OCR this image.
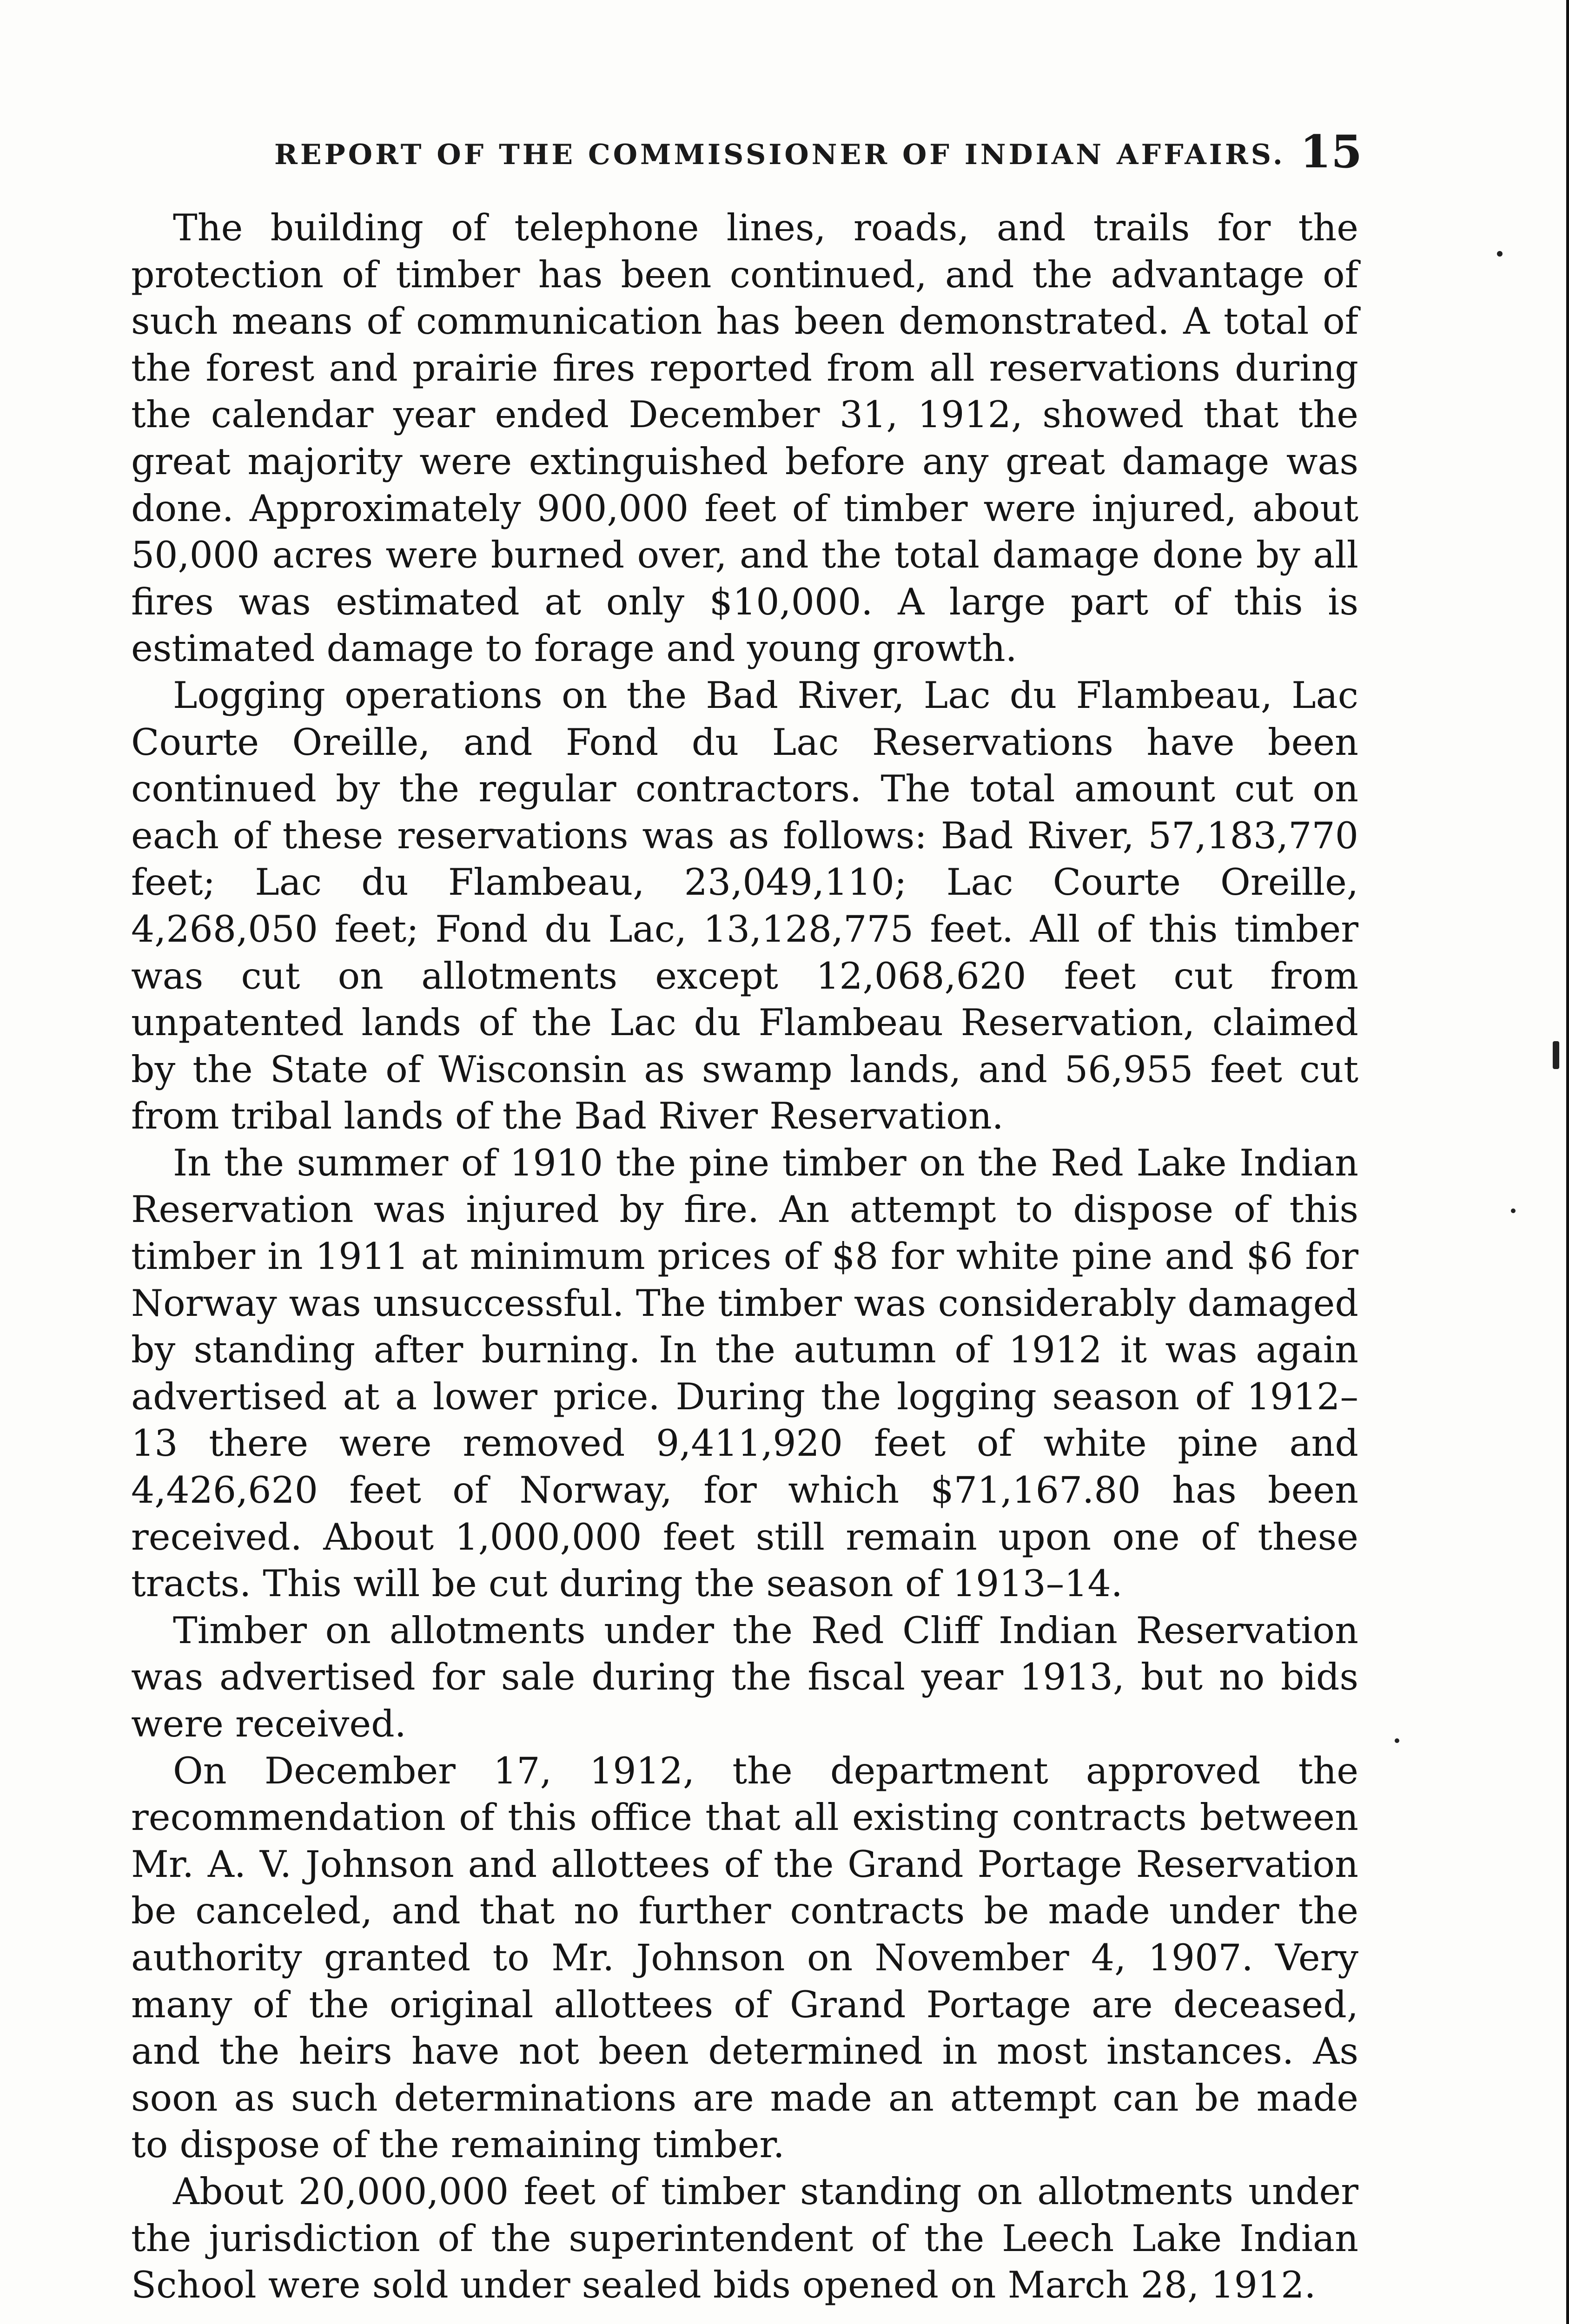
REPORT OF THE COMMISSIONER OF INDIAN AFFAIRS. 15

The building of telephone lines, roads, and trails for the protection of timber has been continued, and the advantage of such means of communication has been demonstrated. A total of the forest and prairie fires reported from all reservations during the calendar year ended December 31, 1912, showed that the great majority were extinguished before any great damage was done. Approximately 900,000 feet of timber were injured, about 50,000 acres were burned over, and the total damage done by all fires was estimated at only $10,000. A large part of this is estimated damage to forage and young growth.

Logging operations on the Bad River, Lac du Flambeau, Lac Courte Oreille, and Fond du Lac Reservations have been continued by the regular contractors. The total amount cut on each of these reservations was as follows: Bad River, 57,183,770 feet; Lac du Flambeau, 23,049,110; Lac Courte Oreille, 4,268,050 feet; Fond du Lac, 13,128,775 feet. All of this timber was cut on allotments except 12,068,620 feet cut from unpatented lands of the Lac du Flambeau Reservation, claimed by the State of Wisconsin as swamp lands, and 56,955 feet cut from tribal lands of the Bad River Reservation.

In the summer of 1910 the pine timber on the Red Lake Indian Reservation was injured by fire. An attempt to dispose of this timber in 1911 at minimum prices of $8 for white pine and $6 for Norway was unsuccessful. The timber was considerably damaged by standing after burning. In the autumn of 1912 it was again advertised at a lower price. During the logging season of 1912–13 there were removed 9,411,920 feet of white pine and 4,426,620 feet of Norway, for which $71,167.80 has been received. About 1,000,000 feet still remain upon one of these tracts. This will be cut during the season of 1913–14.

Timber on allotments under the Red Cliff Indian Reservation was advertised for sale during the fiscal year 1913, but no bids were received.

On December 17, 1912, the department approved the recommendation of this office that all existing contracts between Mr. A. V. Johnson and allottees of the Grand Portage Reservation be canceled, and that no further contracts be made under the authority granted to Mr. Johnson on November 4, 1907. Very many of the original allottees of Grand Portage are deceased, and the heirs have not been determined in most instances. As soon as such determinations are made an attempt can be made to dispose of the remaining timber.

About 20,000,000 feet of timber standing on allotments under the jurisdiction of the superintendent of the Leech Lake Indian School were sold under sealed bids opened on March 28, 1912.
